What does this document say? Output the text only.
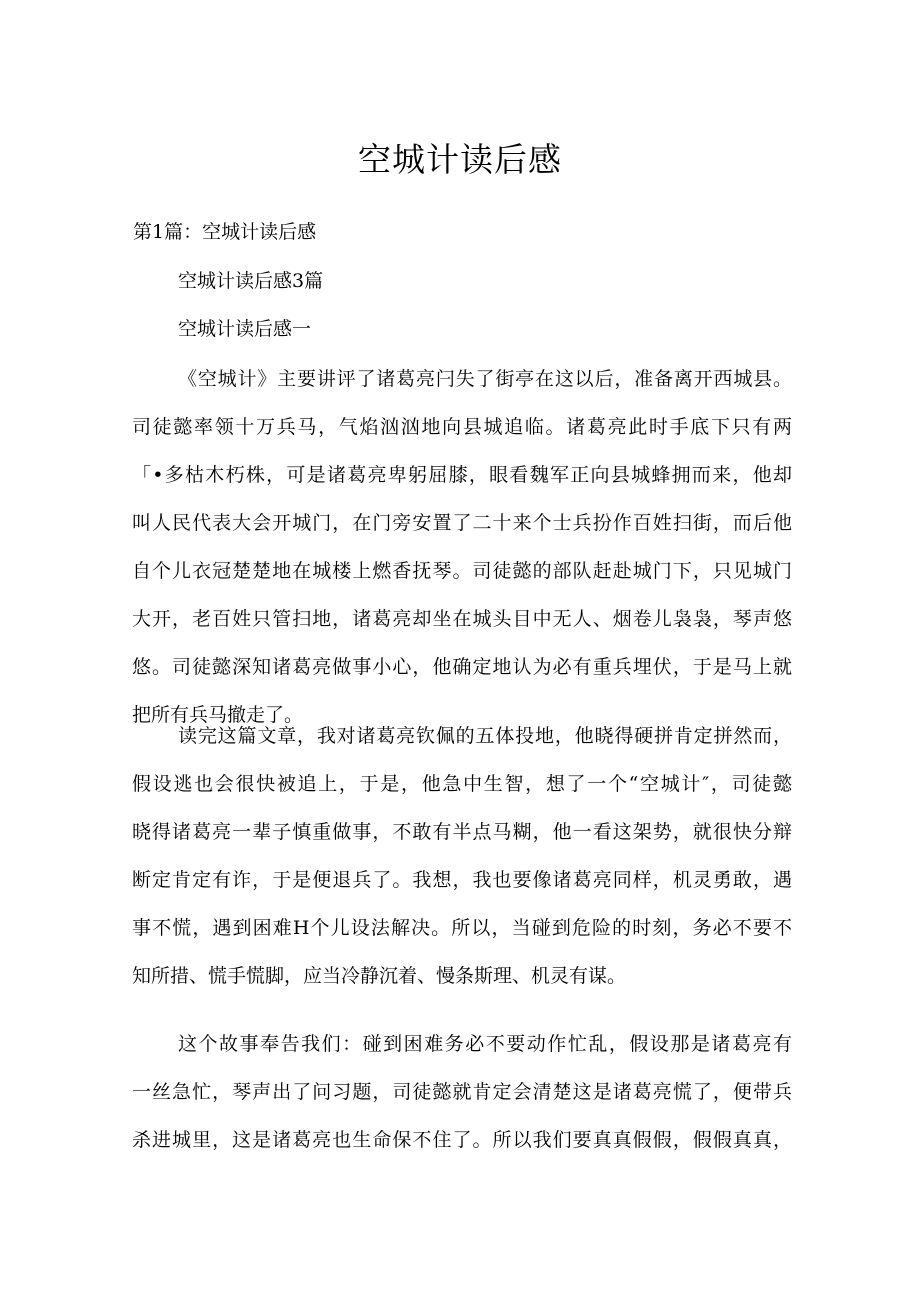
空城计读后感
第1篇：空城计读后感
空城计读后感3篇
空城计读后感一
《空城计》主要讲评了诸葛亮闩失了街亭在这以后，准备离开西城县。
司徒懿率领十万兵马，气焰汹汹地向县城追临。诸葛亮此时手底下只有两
「•多枯木朽株，可是诸葛亮卑躬屈膝，眼看魏军正向县城蜂拥而来，他却
叫人民代表大会开城门，在门旁安置了二十来个士兵扮作百姓扫街，而后他
自个儿衣冠楚楚地在城楼上燃香抚琴。司徒懿的部队赶赴城门下，只见城门
大开，老百姓只管扫地，诸葛亮却坐在城头目中无人、烟卷儿袅袅，琴声悠
悠。司徒懿深知诸葛亮做事小心，他确定地认为必有重兵埋伏，于是马上就
把所有兵马撤走了。
读完这篇文章，我对诸葛亮钦佩的五体投地，他晓得硬拼肯定拼然而，
假设逃也会很快被追上，于是，他急中生智，想了一个“空城计″，司徒懿
晓得诸葛亮一辈子慎重做事，不敢有半点马糊，他一看这架势，就很快分辩
断定肯定有诈，于是便退兵了。我想，我也要像诸葛亮同样，机灵勇敢，遇
事不慌，遇到困难H个儿设法解决。所以，当碰到危险的时刻，务必不要不
知所措、慌手慌脚，应当冷静沉着、慢条斯理、机灵有谋。
这个故事奉告我们：碰到困难务必不要动作忙乱，假设那是诸葛亮有
一丝急忙，琴声出了问习题，司徒懿就肯定会清楚这是诸葛亮慌了，便带兵
杀进城里，这是诸葛亮也生命保不住了。所以我们要真真假假，假假真真，
